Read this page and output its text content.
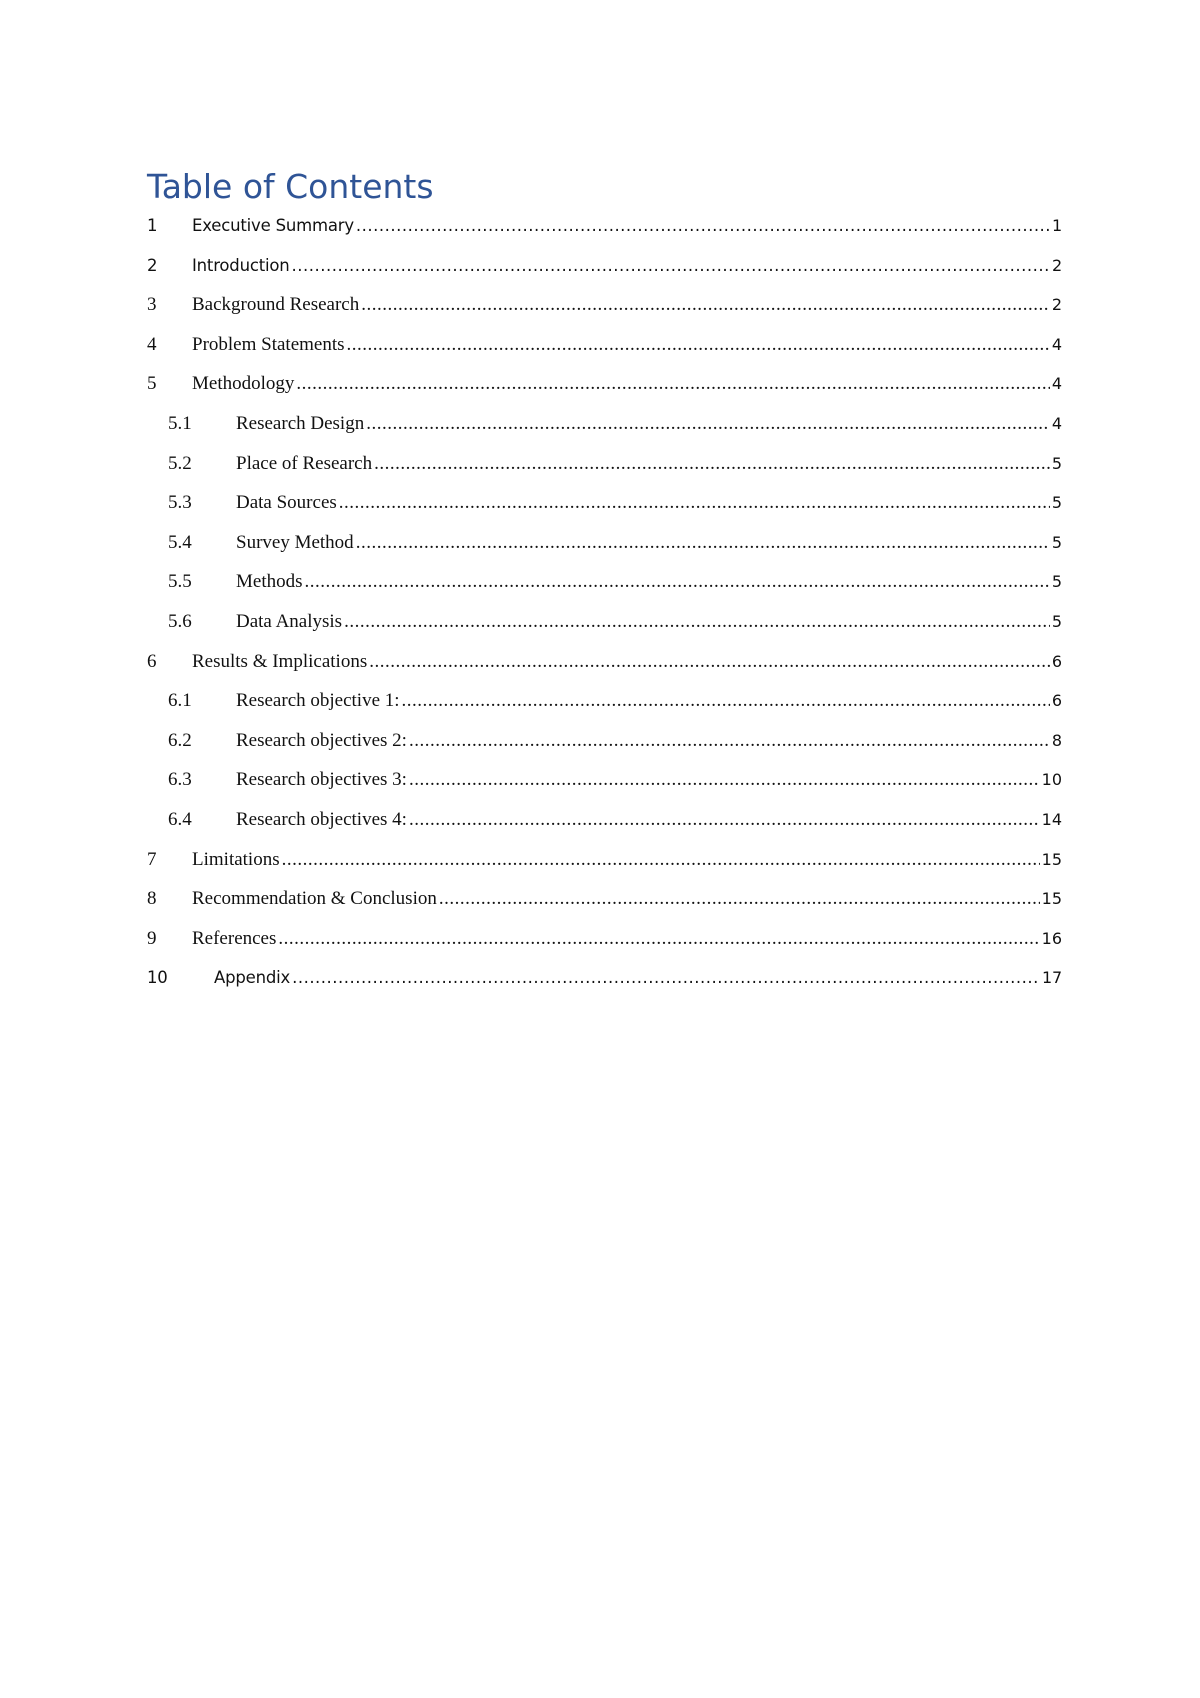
Table of Contents
1	Executive Summary .....	1
2	Introduction .....	2
3	Background Research .....	2
4	Problem Statements .....	4
5	Methodology .....	4
5.1	Research Design .....	4
5.2	Place of Research .....	5
5.3	Data Sources .....	5
5.4	Survey Method .....	5
5.5	Methods .....	5
5.6	Data Analysis .....	5
6	Results & Implications .....	6
6.1	Research objective 1: .....	6
6.2	Research objectives 2: .....	8
6.3	Research objectives 3: .....	10
6.4	Research objectives 4: .....	14
7	Limitations .....	15
8	Recommendation & Conclusion .....	15
9	References .....	16
10	Appendix .....	17
